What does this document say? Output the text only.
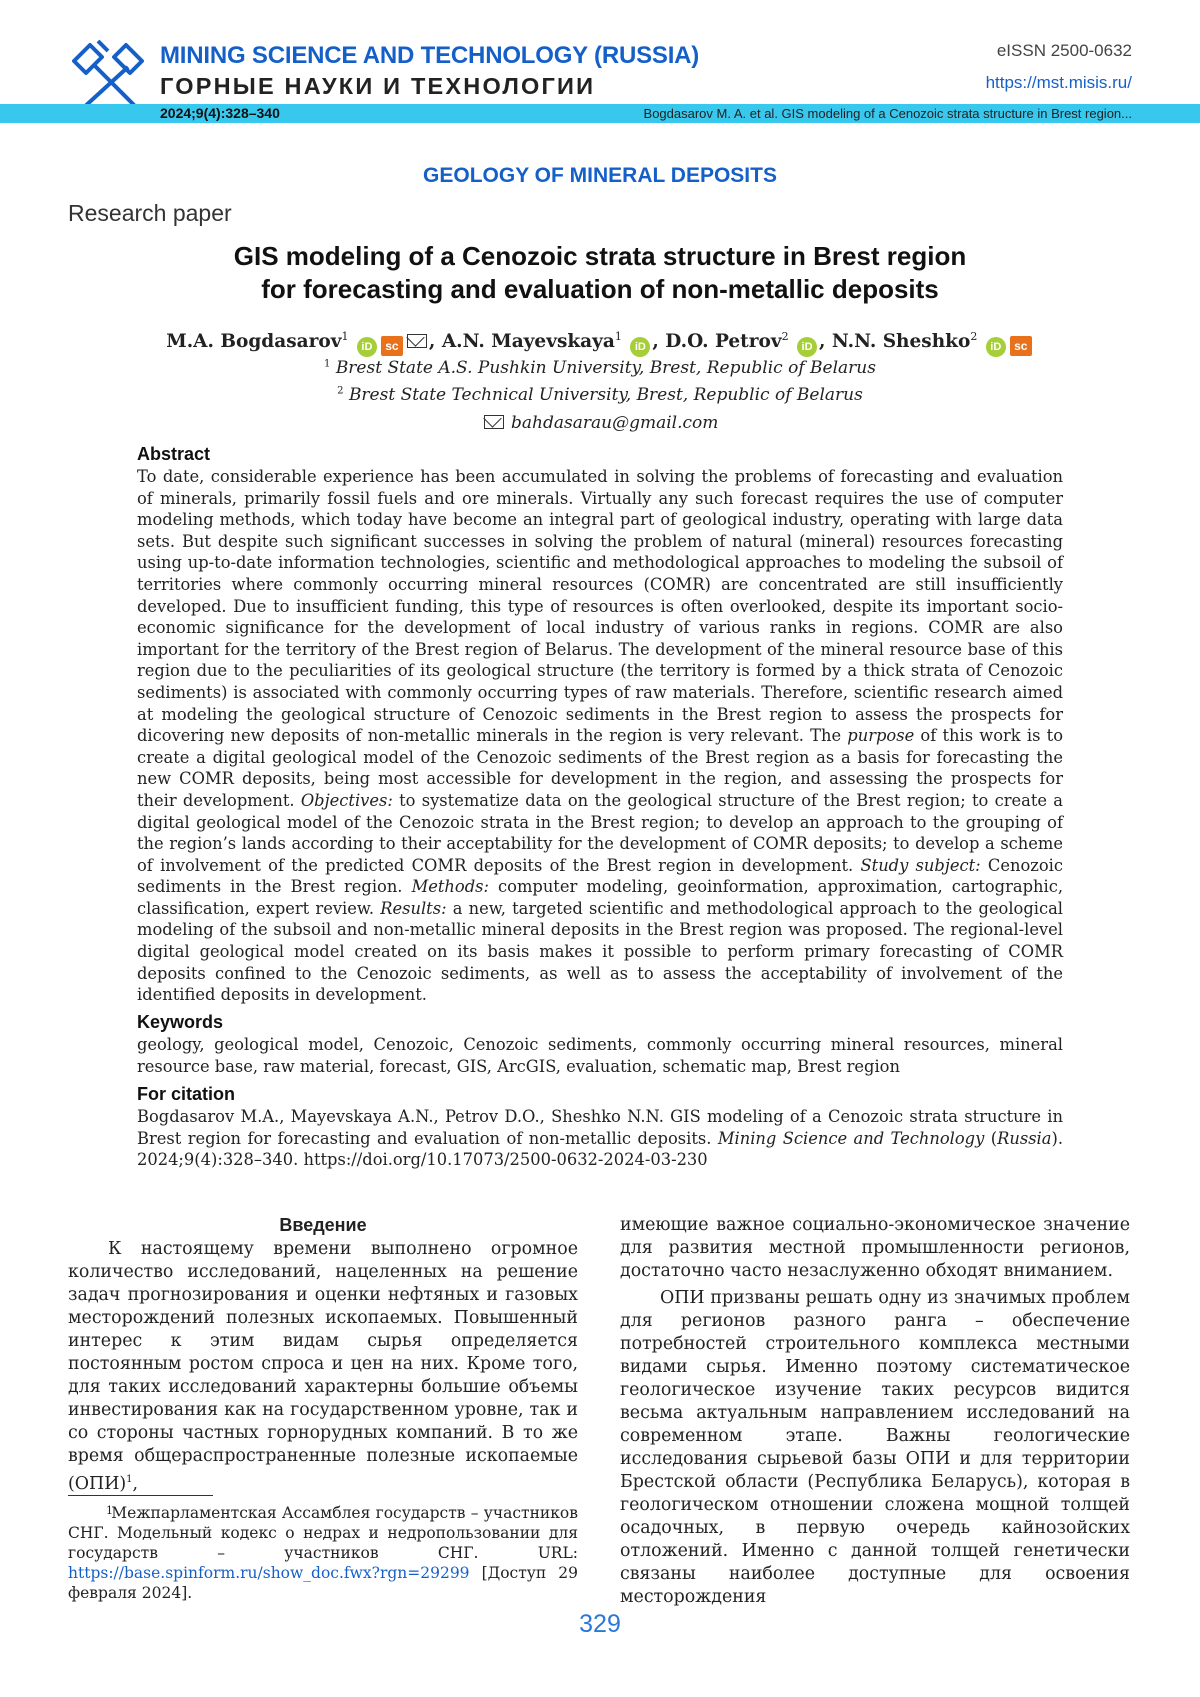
MINING SCIENCE AND TECHNOLOGY (RUSSIA)
ГОРНЫЕ НАУКИ И ТЕХНОЛОГИИ
eISSN 2500-0632
https://mst.misis.ru/
2024;9(4):328–340	Bogdasarov M. A. et al. GIS modeling of a Cenozoic strata structure in Brest region...
GEOLOGY OF MINERAL DEPOSITS
Research paper
GIS modeling of a Cenozoic strata structure in Brest region
for forecasting and evaluation of non-metallic deposits
M.A. Bogdasarov$^1$ iD sc , A.N. Mayevskaya$^1$ iD , D.O. Petrov$^2$ iD , N.N. Sheshko$^2$ iD sc
$^1$ Brest State A.S. Pushkin University, Brest, Republic of Belarus
$^2$ Brest State Technical University, Brest, Republic of Belarus
bahdasarau@gmail.com
Abstract
To date, considerable experience has been accumulated in solving the problems of forecasting and evaluation of minerals, primarily fossil fuels and ore minerals. Virtually any such forecast requires the use of computer modeling methods, which today have become an integral part of geological industry, operating with large data sets. But despite such significant successes in solving the problem of natural (mineral) resources forecasting using up-to-date information technologies, scientific and methodological approaches to modeling the subsoil of territories where commonly occurring mineral resources (COMR) are concentrated are still insufficiently developed. Due to insufficient funding, this type of resources is often overlooked, despite its important socio-economic significance for the development of local industry of various ranks in regions. COMR are also important for the territory of the Brest region of Belarus. The development of the mineral resource base of this region due to the peculiarities of its geological structure (the territory is formed by a thick strata of Cenozoic sediments) is associated with commonly occurring types of raw materials. Therefore, scientific research aimed at modeling the geological structure of Cenozoic sediments in the Brest region to assess the prospects for dicovering new deposits of non-metallic minerals in the region is very relevant. The purpose of this work is to create a digital geological model of the Cenozoic sediments of the Brest region as a basis for forecasting the new COMR deposits, being most accessible for development in the region, and assessing the prospects for their development. Objectives: to systematize data on the geological structure of the Brest region; to create a digital geological model of the Cenozoic strata in the Brest region; to develop an approach to the grouping of the region’s lands according to their acceptability for the development of COMR deposits; to develop a scheme of involvement of the predicted COMR deposits of the Brest region in development. Study subject: Cenozoic sediments in the Brest region. Methods: computer modeling, geoinformation, approximation, cartographic, classification, expert review. Results: a new, targeted scientific and methodological approach to the geological modeling of the subsoil and non-metallic mineral deposits in the Brest region was proposed. The regional-level digital geological model created on its basis makes it possible to perform primary forecasting of COMR deposits confined to the Cenozoic sediments, as well as to assess the acceptability of involvement of the identified deposits in development.
Keywords
geology, geological model, Cenozoic, Cenozoic sediments, commonly occurring mineral resources, mineral resource base, raw material, forecast, GIS, ArcGIS, evaluation, schematic map, Brest region
For citation
Bogdasarov M.A., Mayevskaya A.N., Petrov D.O., Sheshko N.N. GIS modeling of a Cenozoic strata structure in Brest region for forecasting and evaluation of non-metallic deposits. Mining Science and Technology (Russia). 2024;9(4):328–340. https://doi.org/10.17073/2500-0632-2024-03-230
Введение
К настоящему времени выполнено огромное количество исследований, нацеленных на решение задач прогнозирования и оценки нефтяных и газовых месторождений полезных ископаемых. Повышенный интерес к этим видам сырья определяется постоянным ростом спроса и цен на них. Кроме того, для таких исследований характерны большие объемы инвестирования как на государственном уровне, так и со стороны частных горнорудных компаний. В то же время общераспространенные полезные ископаемые (ОПИ)$^1$,
имеющие важное социально-экономическое значение для развития местной промышленности регионов, достаточно часто незаслуженно обходят вниманием.
ОПИ призваны решать одну из значимых проблем для регионов разного ранга – обеспечение потребностей строительного комплекса местными видами сырья. Именно поэтому систематическое геологическое изучение таких ресурсов видится весьма актуальным направлением исследований на современном этапе. Важны геологические исследования сырьевой базы ОПИ и для территории Брестской области (Республика Беларусь), которая в геологическом отношении сложена мощной толщей осадочных, в первую очередь кайнозойских отложений. Именно с данной толщей генетически связаны наиболее доступные для освоения месторождения
1 Межпарламентская Ассамблея государств – участников СНГ. Модельный кодекс о недрах и недропользовании для государств – участников СНГ. URL: https://base.spinform.ru/show_doc.fwx?rgn=29299 [Доступ 29 февраля 2024].
329
